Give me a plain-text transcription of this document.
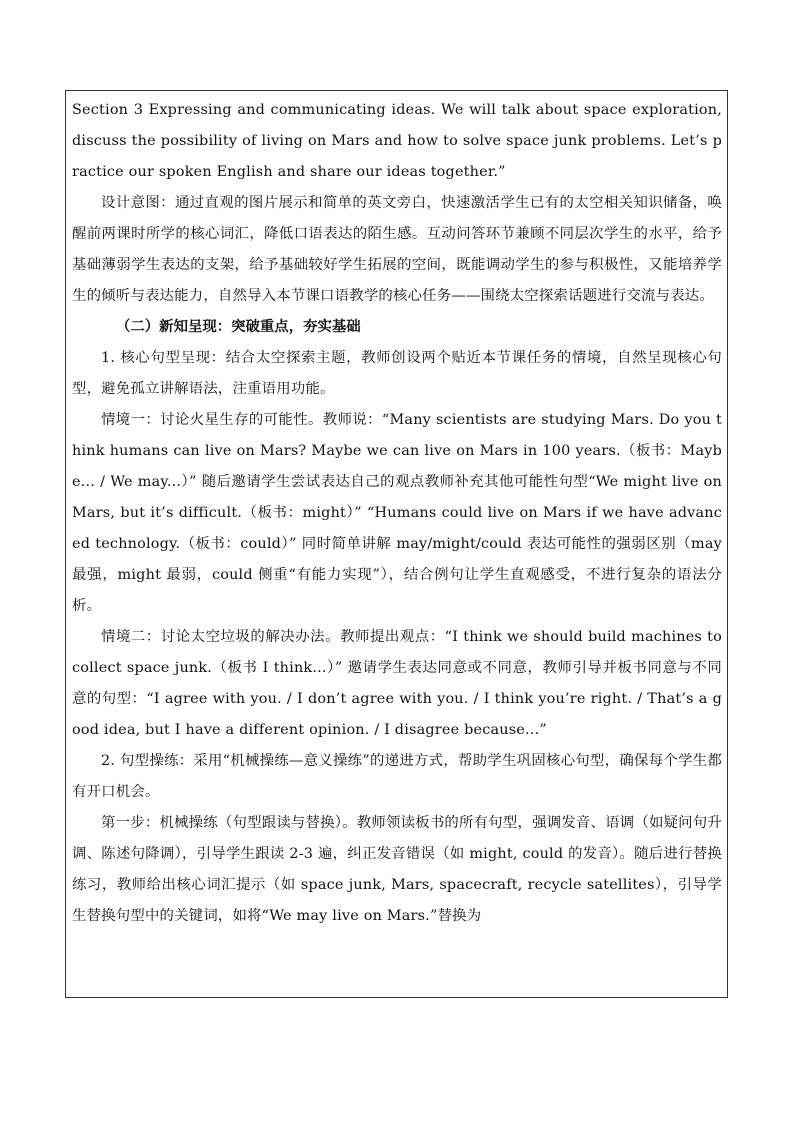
Section 3 Expressing and communicating ideas. We will talk about space exploration, discuss the possibility of living on Mars and how to solve space junk problems. Let’s practice our spoken English and share our ideas together.”

设计意图：通过直观的图片展示和简单的英文旁白，快速激活学生已有的太空相关知识储备，唤醒前两课时所学的核心词汇，降低口语表达的陌生感。互动问答环节兼顾不同层次学生的水平，给予基础薄弱学生表达的支架，给予基础较好学生拓展的空间，既能调动学生的参与积极性，又能培养学生的倾听与表达能力，自然导入本节课口语教学的核心任务——围绕太空探索话题进行交流与表达。

（二）新知呈现：突破重点，夯实基础

1. 核心句型呈现：结合太空探索主题，教师创设两个贴近本节课任务的情境，自然呈现核心句型，避免孤立讲解语法，注重语用功能。

情境一：讨论火星生存的可能性。教师说：“Many scientists are studying Mars. Do you think humans can live on Mars? Maybe we can live on Mars in 100 years.（板书：Maybe... / We may...）” 随后邀请学生尝试表达自己的观点教师补充其他可能性句型“We might live on Mars, but it’s difficult.（板书：might）” “Humans could live on Mars if we have advanced technology.（板书：could）” 同时简单讲解 may/might/could 表达可能性的强弱区别（may 最强，might 最弱，could 侧重“有能力实现”），结合例句让学生直观感受，不进行复杂的语法分析。

情境二：讨论太空垃圾的解决办法。教师提出观点：“I think we should build machines to collect space junk.（板书 I think...）” 邀请学生表达同意或不同意，教师引导并板书同意与不同意的句型：“I agree with you. / I don’t agree with you. / I think you’re right. / That’s a good idea, but I have a different opinion. / I disagree because...”

2. 句型操练：采用“机械操练—意义操练”的递进方式，帮助学生巩固核心句型，确保每个学生都有开口机会。

第一步：机械操练（句型跟读与替换）。教师领读板书的所有句型，强调发音、语调（如疑问句升调、陈述句降调），引导学生跟读 2-3 遍，纠正发音错误（如 might, could 的发音）。随后进行替换练习，教师给出核心词汇提示（如 space junk, Mars, spacecraft, recycle satellites），引导学生替换句型中的关键词，如将“We may live on Mars.”替换为
